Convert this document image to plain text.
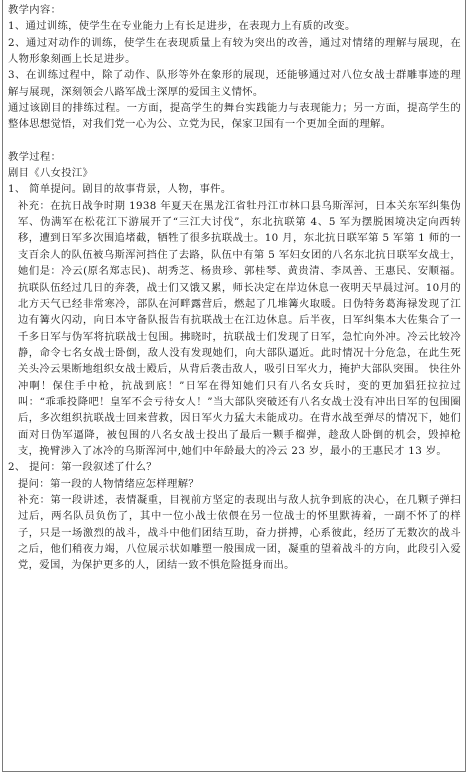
教学内容：

1、通过训练，使学生在专业能力上有长足进步，在表现力上有质的改变。

2、通过对动作的训练，使学生在表现质量上有较为突出的改善，通过对情绪的理解与展现，在人物形象刻画上长足进步。

3、在训练过程中，除了动作、队形等外在象形的展现，还能够通过对八位女战士群雕事迹的理解与展现，深刻领会八路军战士深厚的爱国主义情怀。

通过该剧目的排练过程。一方面，提高学生的舞台实践能力与表现能力；另一方面，提高学生的整体思想觉悟，对我们党一心为公、立党为民，保家卫国有一个更加全面的理解。

教学过程：

剧目《八女投江》

1、 简单提问。剧目的故事背景，人物，事件。

补充：在抗日战争时期 1938 年夏天在黑龙江省牡丹江市林口县乌斯浑河，日本关东军纠集伪军、伪满军在松花江下游展开了“三江大讨伐”，东北抗联第 4、5 军为摆脱困境决定向西转移，遭到日军多次围追堵截，牺牲了很多抗联战士。10 月，东北抗日联军第 5 军第 1 师的一支百余人的队伍被乌斯浑河挡住了去路，队伍中有第 5 军妇女团的八名东北抗日联军女战士，她们是：冷云(原名郑志民)、胡秀芝、杨贵珍、郭桂琴、黄贵清、李凤善、王惠民、安顺福。抗联队伍经过几日的奔袭，战士们又饿又累，师长决定在岸边休息一夜明天早晨过河。10月的北方天气已经非常寒冷，部队在河畔露营后，燃起了几堆篝火取暖。日伪特务葛海禄发现了江边有篝火闪动，向日本守备队报告有抗联战士在江边休息。后半夜，日军纠集本大佐集合了一千多日军与伪军将抗联战士包围。拂晓时，抗联战士们发现了日军，急忙向外冲。冷云比较冷静，命令七名女战士卧倒，敌人没有发现她们，向大部队逼近。此时情况十分危急，在此生死关头冷云果断地组织女战士殿后，从背后袭击敌人，吸引日军火力，掩护大部队突围。 快往外冲啊！保住手中枪，抗战到底！”日军在得知她们只有八名女兵时，变的更加猖狂拉拉过叫：“乖乖投降吧！皇军不会亏待女人！”当大部队突破还有八名女战士没有冲出日军的包围圈后，多次组织抗联战士回来营救，因日军火力猛大未能成功。在背水战至弹尽的情况下，她们面对日伪军逼降，被包围的八名女战士投出了最后一颗手榴弹，趁敌人卧倒的机会，毁掉枪支，挽臂涉入了冰冷的乌斯浑河中,她们中年龄最大的冷云 23 岁，最小的王惠民才 13 岁。

2、 提问：第一段叙述了什么？

提问：第一段的人物情绪应怎样理解？

补充：第一段讲述，表情凝重，目视前方坚定的表现出与敌人抗争到底的决心，在几颗子弹扫过后，两名队员负伤了，其中一位小战士依偎在另一位战士的怀里默祷着，一副不怀了的样子，只是一场激烈的战斗，战斗中他们团结互助，奋力拼搏，心系彼此，经历了无数次的战斗之后，他们稍夜力竭，八位展示状如雕塑一般围成一团，凝重的望着战斗的方向，此段引入爱党，爱国，为保护更多的人，团结一致不惧危险挺身而出。
